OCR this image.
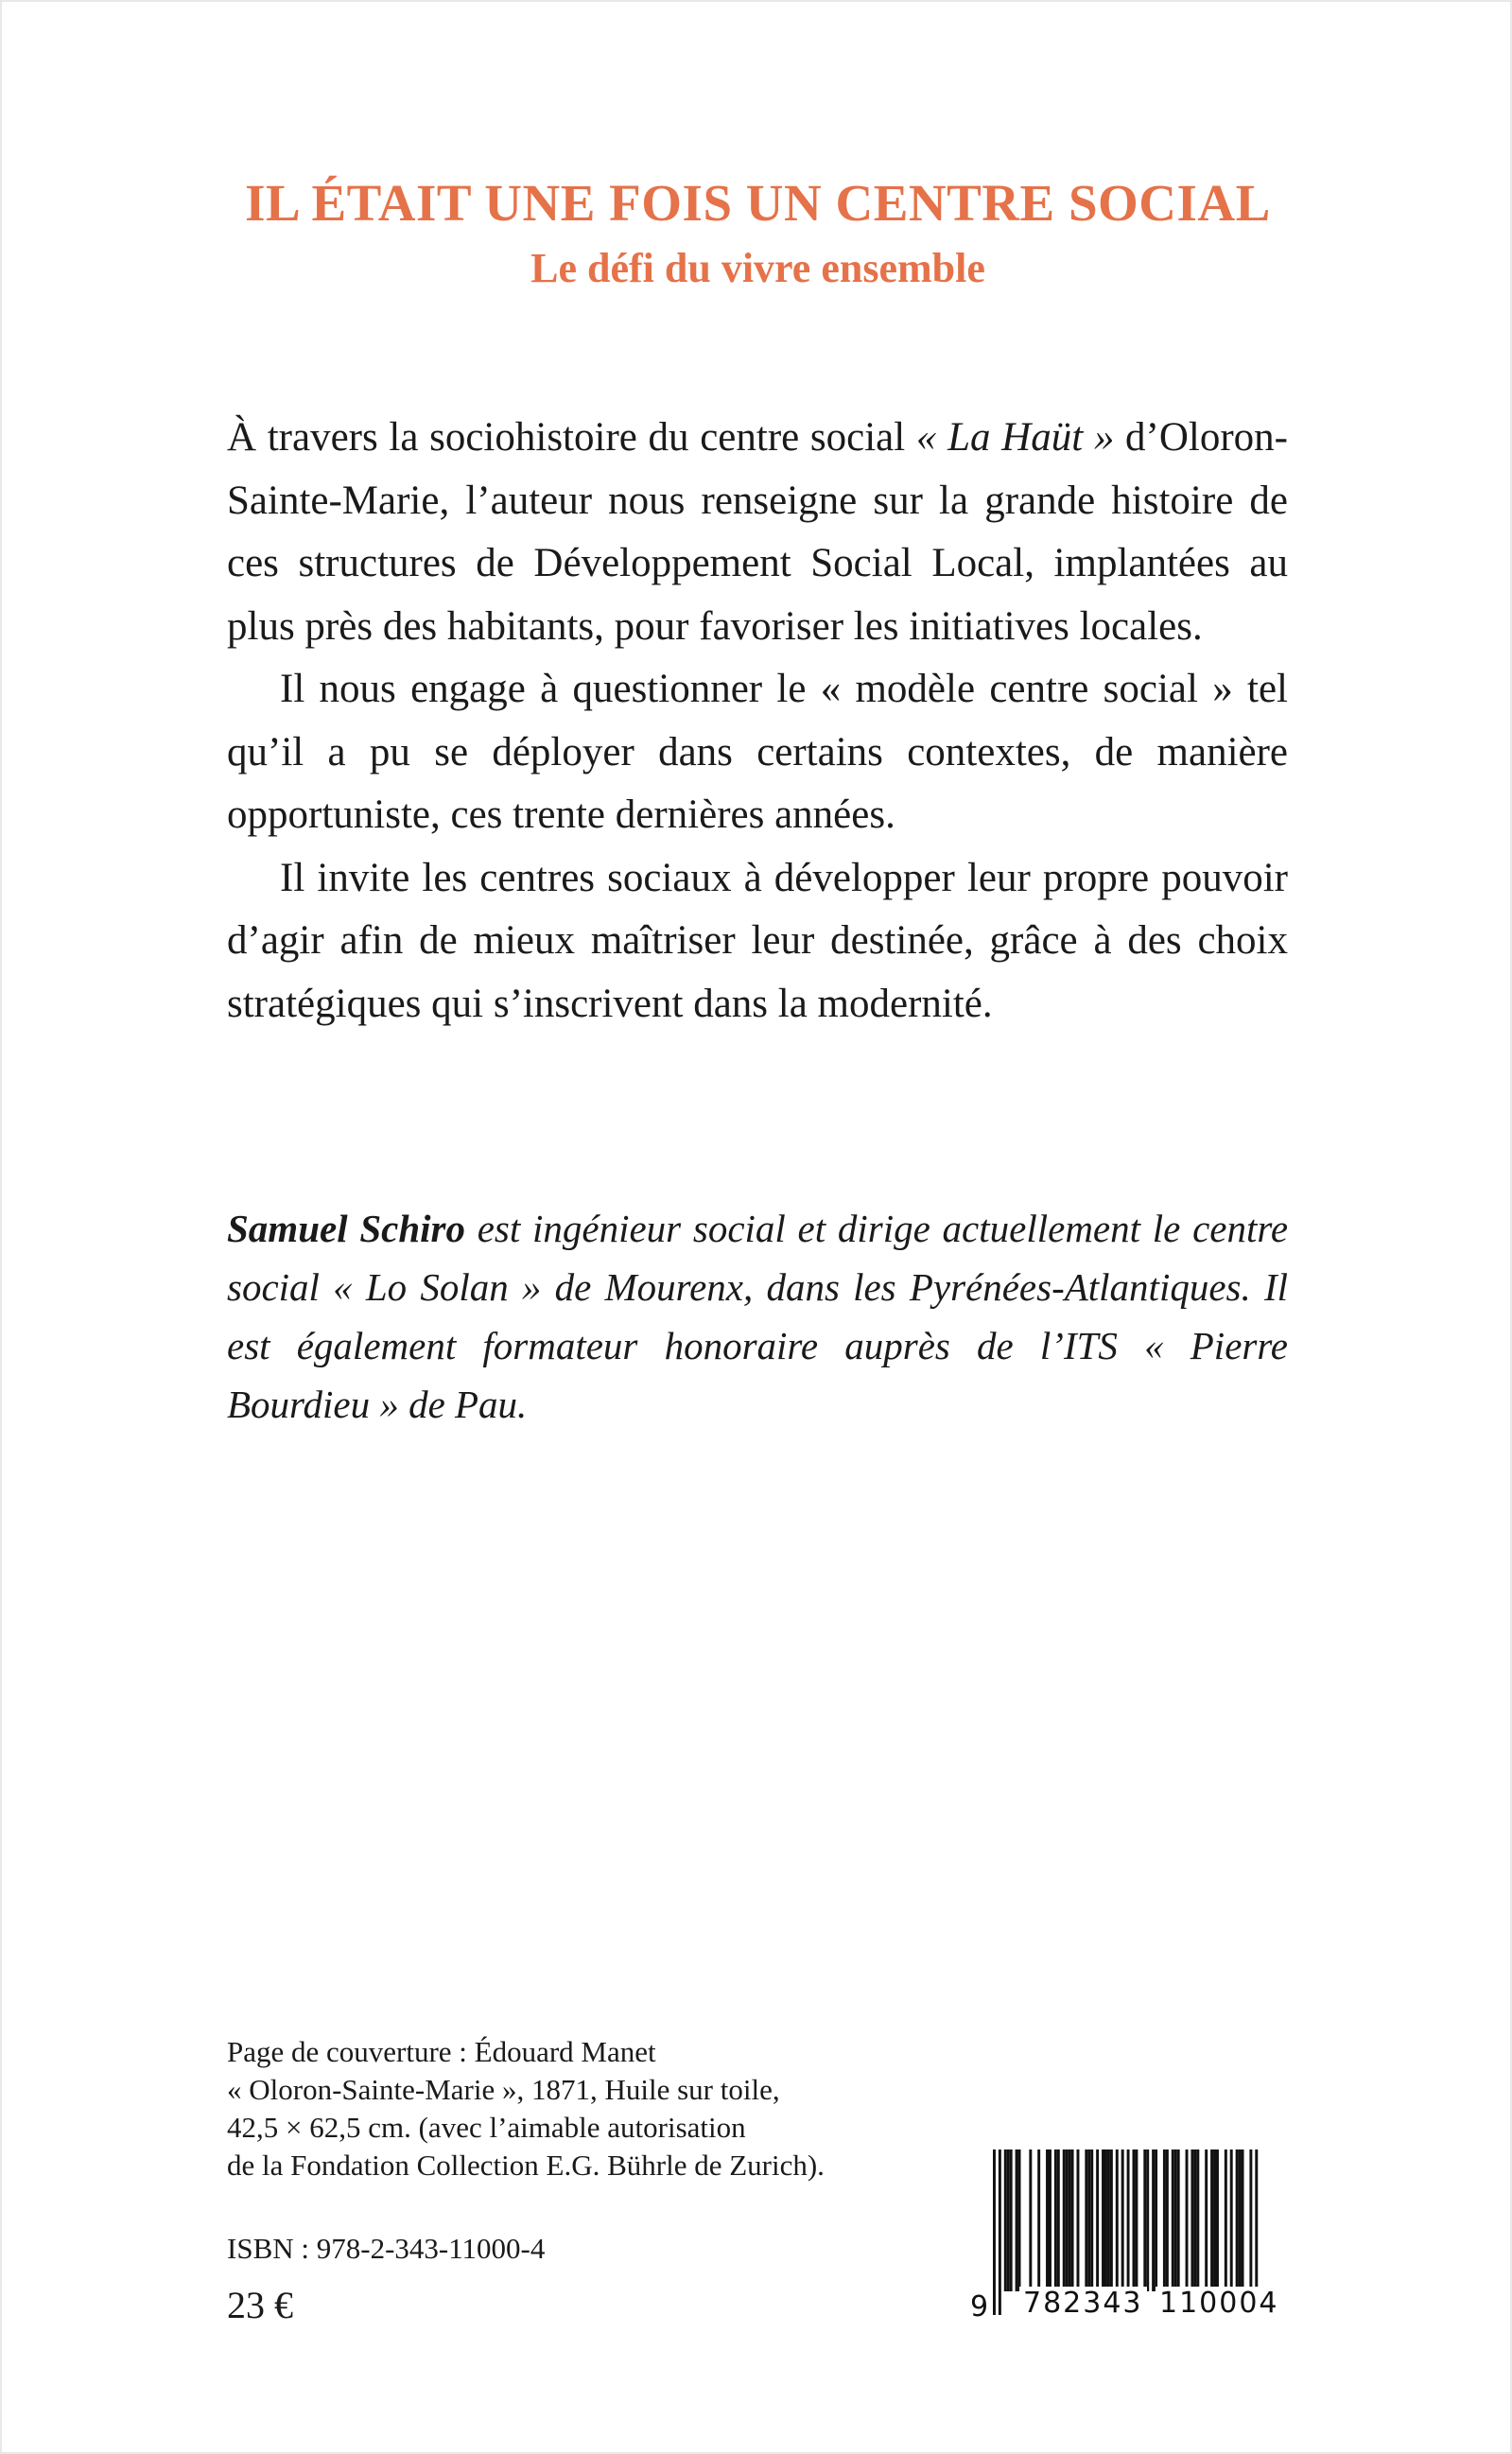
IL ÉTAIT UNE FOIS UN CENTRE SOCIAL
Le défi du vivre ensemble

À travers la sociohistoire du centre social « La Haüt » d’Oloron-Sainte-Marie, l’auteur nous renseigne sur la grande histoire de ces structures de Développement Social Local, implantées au plus près des habitants, pour favoriser les initiatives locales.

Il nous engage à questionner le « modèle centre social » tel qu’il a pu se déployer dans certains contextes, de manière opportuniste, ces trente dernières années.

Il invite les centres sociaux à développer leur propre pouvoir d’agir afin de mieux maîtriser leur destinée, grâce à des choix stratégiques qui s’inscrivent dans la modernité.

Samuel Schiro est ingénieur social et dirige actuellement le centre social « Lo Solan » de Mourenx, dans les Pyrénées-Atlantiques. Il est également formateur honoraire auprès de l’ITS « Pierre Bourdieu » de Pau.
Page de couverture : Édouard Manet
« Oloron-Sainte-Marie », 1871, Huile sur toile,
42,5 × 62,5 cm. (avec l’aimable autorisation
de la Fondation Collection E.G. Bührle de Zurich).
ISBN : 978-2-343-11000-4
23 €	9 782343 110004
